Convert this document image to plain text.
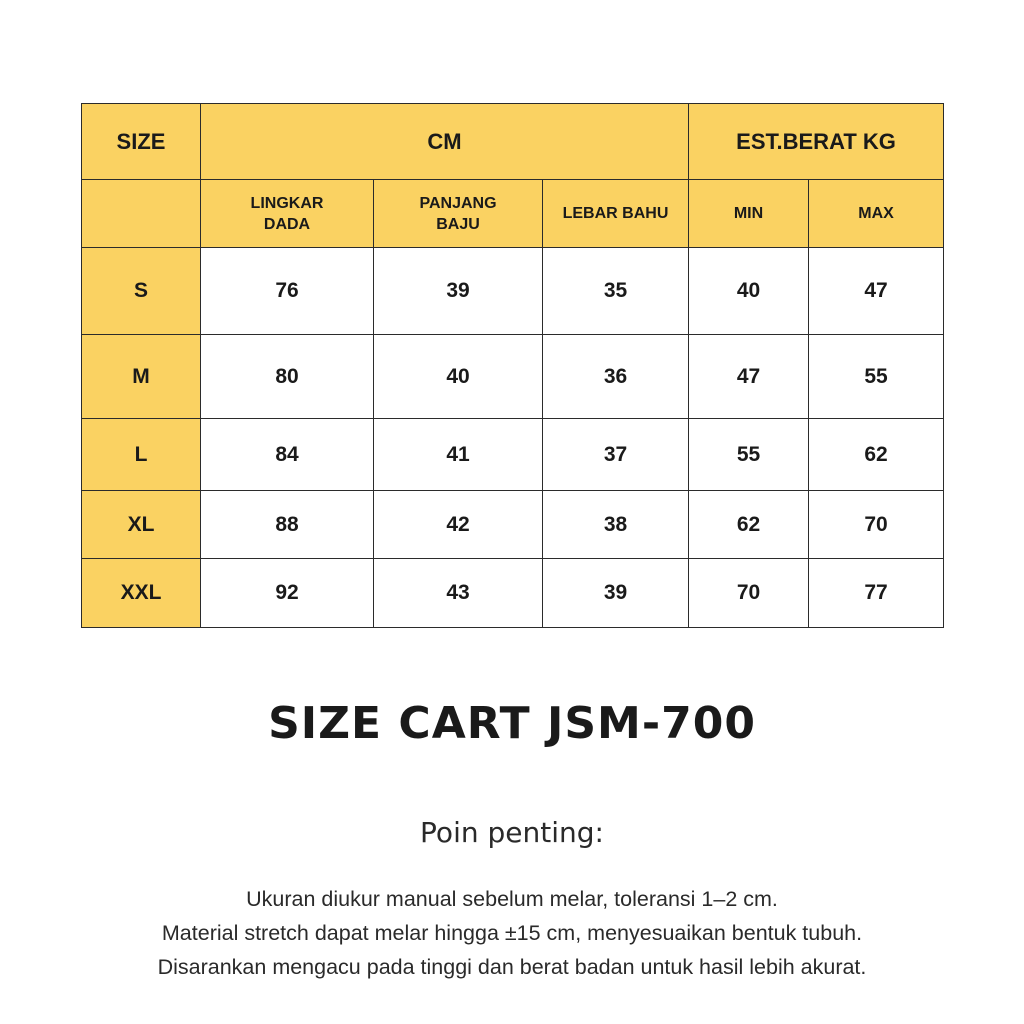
SIZE	CM			EST.BERAT KG	
	LINGKAR DADA	PANJANG BAJU	LEBAR BAHU	MIN	MAX
S	76	39	35	40	47
M	80	40	36	47	55
L	84	41	37	55	62
XL	88	42	38	62	70
XXL	92	43	39	70	77
SIZE CART JSM-700
Poin penting:
Ukuran diukur manual sebelum melar, toleransi 1–2 cm.
Material stretch dapat melar hingga ±15 cm, menyesuaikan bentuk tubuh.
Disarankan mengacu pada tinggi dan berat badan untuk hasil lebih akurat.
